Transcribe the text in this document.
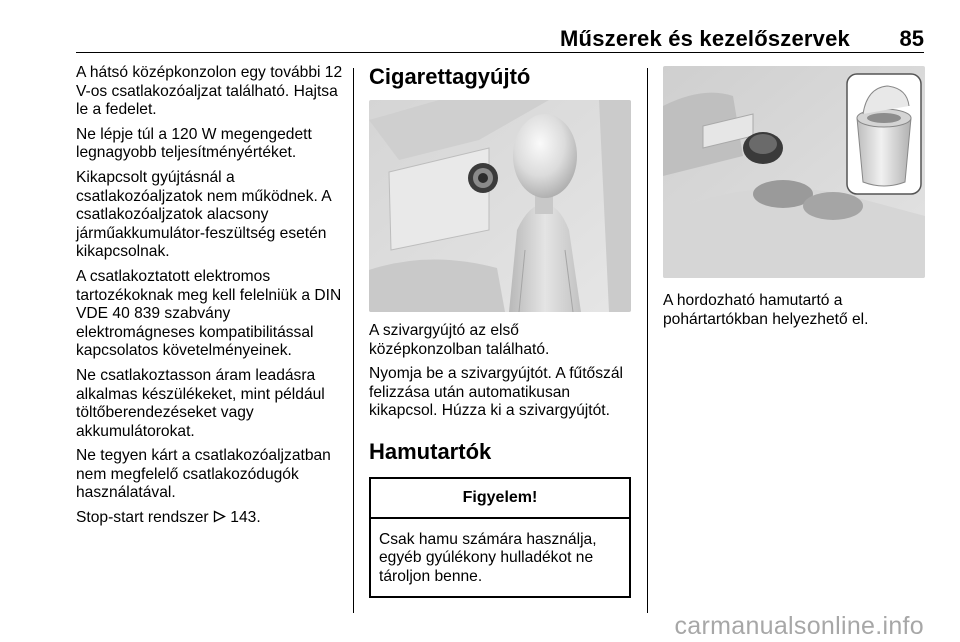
Műszerek és kezelőszervek 85

A hátsó középkonzolon egy további 12 V-os csatlakozóaljzat található. Hajtsa le a fedelet.

Ne lépje túl a 120 W megengedett legnagyobb teljesítményértéket.

Kikapcsolt gyújtásnál a csatlakozóaljzatok nem működnek. A csatlakozóaljzatok alacsony járműakkumulátor-feszültség esetén kikapcsolnak.

A csatlakoztatott elektromos tartozékoknak meg kell felelniük a DIN VDE 40 839 szabvány elektromágneses kompatibilitással kapcsolatos követelményeinek.

Ne csatlakoztasson áram leadásra alkalmas készülékeket, mint például töltőberendezéseket vagy akkumulátorokat.

Ne tegyen kárt a csatlakozóaljzatban nem megfelelő csatlakozódugók használatával.

Stop-start rendszer 143.

Cigarettagyújtó

A szivargyújtó az első középkonzolban található.

Nyomja be a szivargyújtót. A fűtőszál felizzása után automatikusan kikapcsol. Húzza ki a szivargyújtót.

Hamutartók
Figyelem!
Csak hamu számára használja, egyéb gyúlékony hulladékot ne tároljon benne.

A hordozható hamutartó a pohártartókban helyezhető el.

carmanualsonline.info
